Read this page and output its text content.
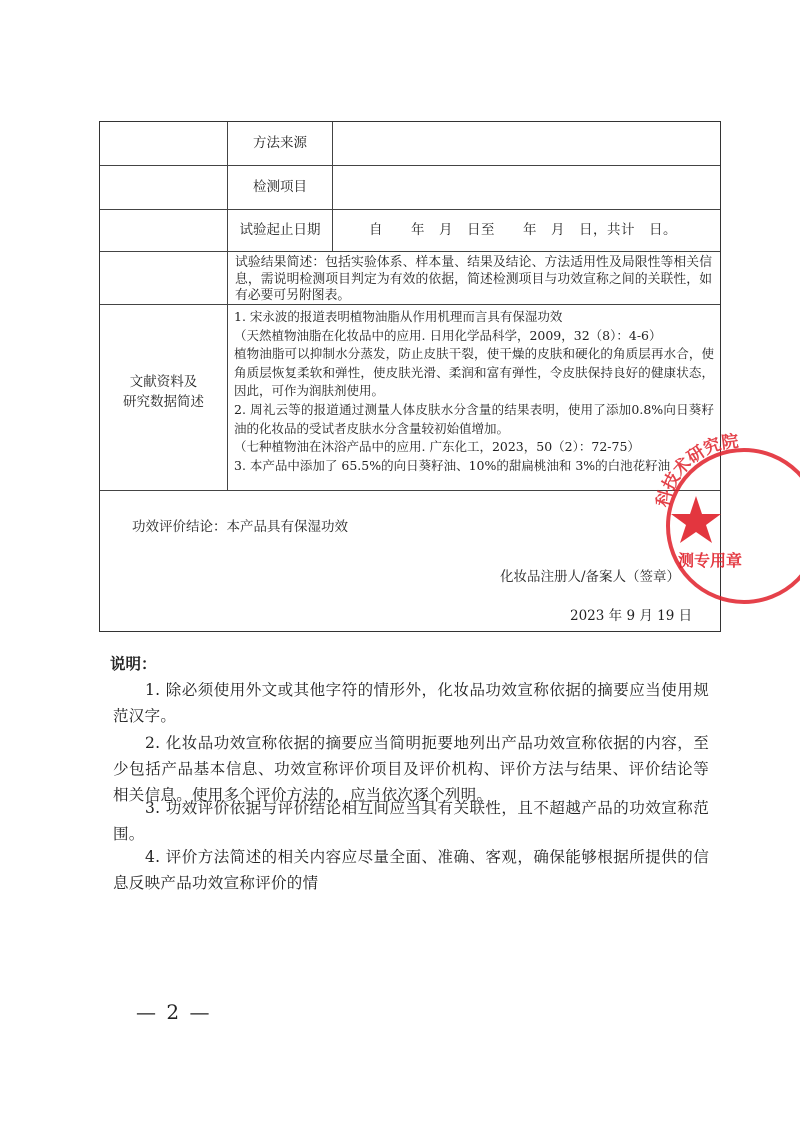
方法来源
检测项目
试验起止日期	自　　年　月　日至　　年　月　日，共计　日。
试验结果简述：包括实验体系、样本量、结果及结论、方法适用性及局限性等相关信息，需说明检测项目判定为有效的依据，简述检测项目与功效宣称之间的关联性，如有必要可另附图表。
文献资料及
研究数据简述

1. 宋永波的报道表明植物油脂从作用机理而言具有保湿功效

（天然植物油脂在化妆品中的应用. 日用化学品科学，2009，32（8）：4-6）

植物油脂可以抑制水分蒸发，防止皮肤干裂，使干燥的皮肤和硬化的角质层再水合，使角质层恢复柔软和弹性，使皮肤光滑、柔润和富有弹性，令皮肤保持良好的健康状态，因此，可作为润肤剂使用。

2. 周礼云等的报道通过测量人体皮肤水分含量的结果表明，使用了添加0.8%向日葵籽油的化妆品的受试者皮肤水分含量较初始值增加。

（七种植物油在沐浴产品中的应用. 广东化工，2023，50（2）：72-75）

3. 本产品中添加了 65.5%的向日葵籽油、10%的甜扁桃油和 3%的白池花籽油

功效评价结论：本产品具有保湿功效
化妆品注册人/备案人（签章）
2023 年 9 月 19 日
科技术研究院
测专用章
说明：
1. 除必须使用外文或其他字符的情形外，化妆品功效宣称依据的摘要应当使用规范汉字。
2. 化妆品功效宣称依据的摘要应当简明扼要地列出产品功效宣称依据的内容，至少包括产品基本信息、功效宣称评价项目及评价机构、评价方法与结果、评价结论等相关信息。使用多个评价方法的，应当依次逐个列明。
3. 功效评价依据与评价结论相互间应当具有关联性，且不超越产品的功效宣称范围。
4. 评价方法简述的相关内容应尽量全面、准确、客观，确保能够根据所提供的信息反映产品功效宣称评价的情
— 2 —
